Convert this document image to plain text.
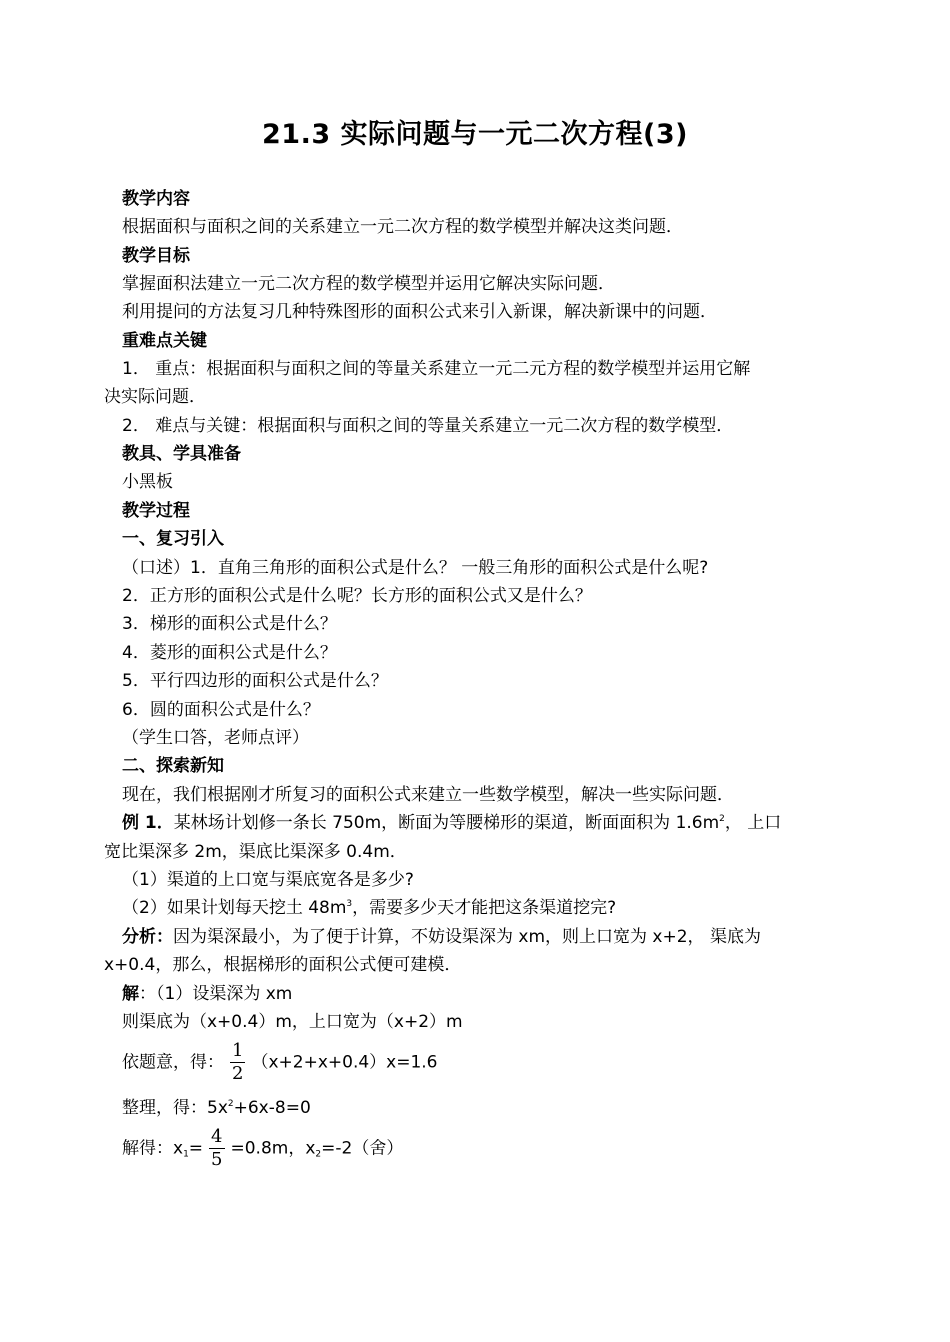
21.3 实际问题与一元二次方程(3)
教学内容
根据面积与面积之间的关系建立一元二次方程的数学模型并解决这类问题．
教学目标
掌握面积法建立一元二次方程的数学模型并运用它解决实际问题．
利用提问的方法复习几种特殊图形的面积公式来引入新课，解决新课中的问题．
重难点关键
1． 重点：根据面积与面积之间的等量关系建立一元二元方程的数学模型并运用它解
决实际问题．
2． 难点与关键：根据面积与面积之间的等量关系建立一元二次方程的数学模型．
教具、学具准备
小黑板
教学过程
一、复习引入
（口述）1．直角三角形的面积公式是什么？ 一般三角形的面积公式是什么呢?
2．正方形的面积公式是什么呢？长方形的面积公式又是什么？
3．梯形的面积公式是什么？
4．菱形的面积公式是什么？
5．平行四边形的面积公式是什么？
6．圆的面积公式是什么？
（学生口答，老师点评）
二、探索新知
现在，我们根据刚才所复习的面积公式来建立一些数学模型，解决一些实际问题．
例 1．某林场计划修一条长 750m，断面为等腰梯形的渠道，断面面积为 $1.6m^2$， 上口
宽比渠深多 2m，渠底比渠深多 0.4m．
（1）渠道的上口宽与渠底宽各是多少?
（2）如果计划每天挖土 $48m^3$，需要多少天才能把这条渠道挖完?
分析：因为渠深最小，为了便于计算，不妨设渠深为 xm，则上口宽为 x+2， 渠底为
x+0.4，那么，根据梯形的面积公式便可建模．
解：（1）设渠深为 xm
则渠底为（x+0.4）m，上口宽为（x+2）m
依题意，得： $\frac{1}{2} (x+2+x+0.4)x=1.6$
整理，得：$5x^2+6x-8=0$
解得：$x_1= \frac{4}{5} =0.8m$，$x_2=-2$（舍）
